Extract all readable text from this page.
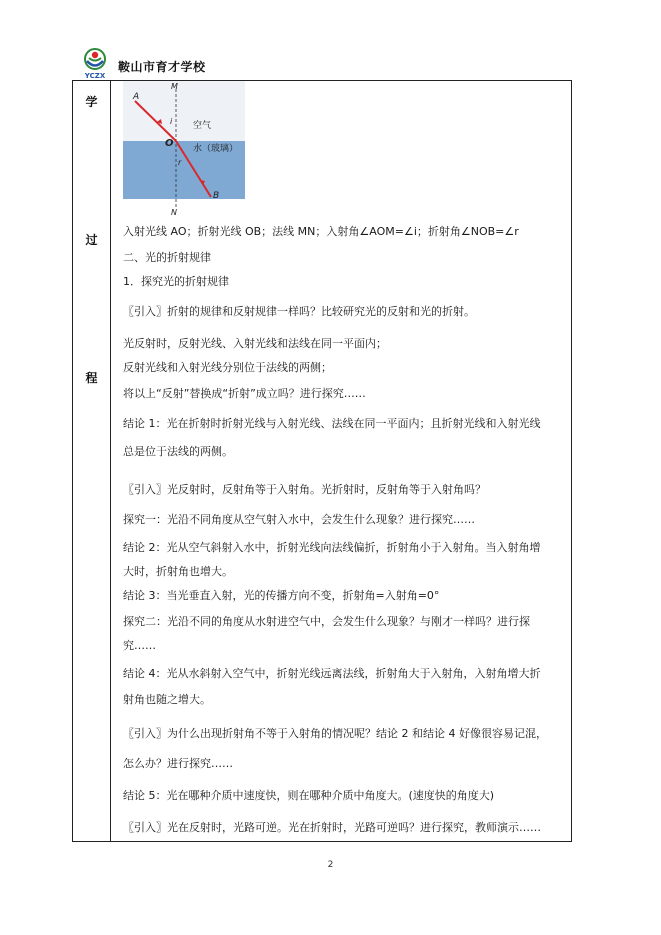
YCZX
鞍山市育才学校
学
过
程
A
M
i 空气
O 水（玻璃）
r
B
N
入射光线 AO；折射光线 OB；法线 MN；入射角∠AOM=∠i；折射角∠NOB=∠r
二、光的折射规律
1．探究光的折射规律
〖引入〗折射的规律和反射规律一样吗？比较研究光的反射和光的折射。
光反射时，反射光线、入射光线和法线在同一平面内；
反射光线和入射光线分别位于法线的两侧；
将以上“反射”替换成“折射”成立吗？进行探究……
结论 1：光在折射时折射光线与入射光线、法线在同一平面内；且折射光线和入射光线
总是位于法线的两侧。
〖引入〗光反射时，反射角等于入射角。光折射时，反射角等于入射角吗？
探究一：光沿不同角度从空气射入水中，会发生什么现象？进行探究……
结论 2：光从空气斜射入水中，折射光线向法线偏折，折射角小于入射角。当入射角增
大时，折射角也增大。
结论 3：当光垂直入射，光的传播方向不变，折射角=入射角=0°
探究二：光沿不同的角度从水射进空气中，会发生什么现象？与刚才一样吗？进行探
究……
结论 4：光从水斜射入空气中，折射光线远离法线，折射角大于入射角，入射角增大折
射角也随之增大。
〖引入〗为什么出现折射角不等于入射角的情况呢？结论 2 和结论 4 好像很容易记混，
怎么办？进行探究……
结论 5：光在哪种介质中速度快，则在哪种介质中角度大。(速度快的角度大)
〖引入〗光在反射时，光路可逆。光在折射时，光路可逆吗？进行探究，教师演示……
2
